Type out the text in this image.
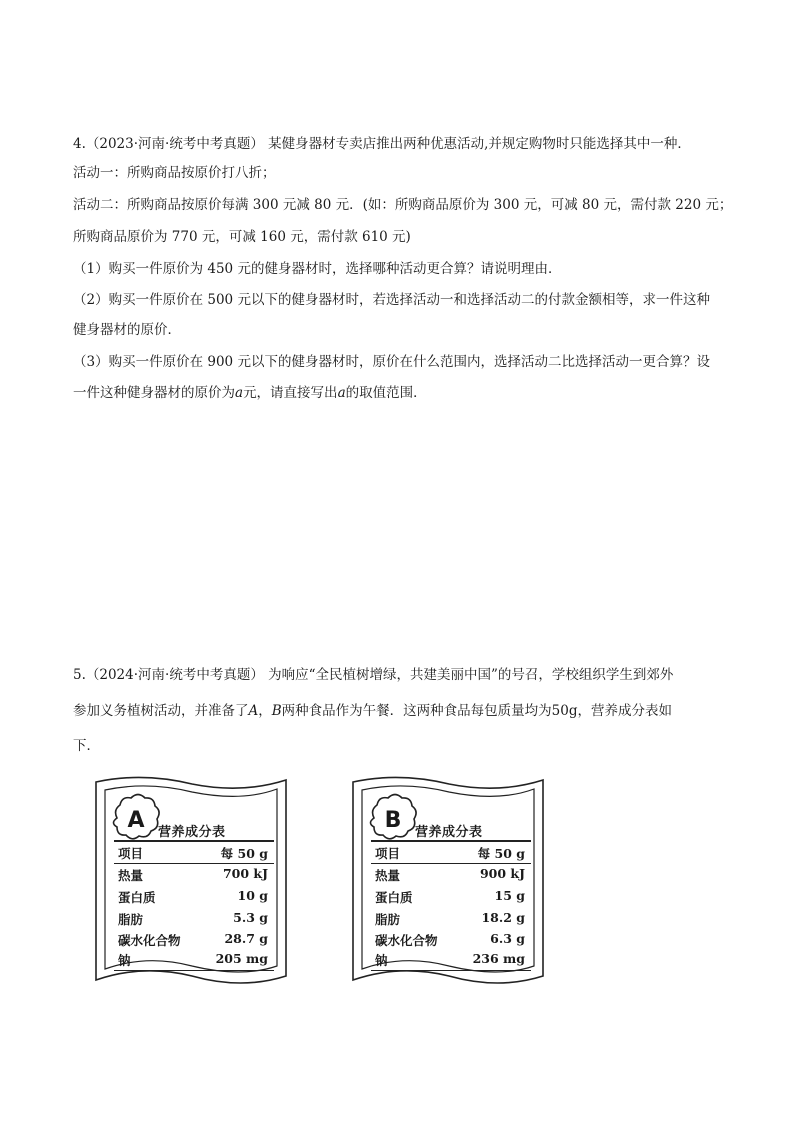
4.（2023·河南·统考中考真题） 某健身器材专卖店推出两种优惠活动,并规定购物时只能选择其中一种．
活动一：所购商品按原价打八折；
活动二：所购商品按原价每满 300 元减 80 元．(如：所购商品原价为 300 元，可减 80 元，需付款 220 元；
所购商品原价为 770 元，可减 160 元，需付款 610 元)
（1）购买一件原价为 450 元的健身器材时，选择哪种活动更合算？请说明理由．
（2）购买一件原价在 500 元以下的健身器材时，若选择活动一和选择活动二的付款金额相等，求一件这种
健身器材的原价．
（3）购买一件原价在 900 元以下的健身器材时，原价在什么范围内，选择活动二比选择活动一更合算？设
一件这种健身器材的原价为a元，请直接写出a的取值范围．
5.（2024·河南·统考中考真题） 为响应“全民植树增绿，共建美丽中国”的号召，学校组织学生到郊外
参加义务植树活动，并准备了A，B两种食品作为午餐．这两种食品每包质量均为50g，营养成分表如
下．
A	营养成分表
项目	每 50 g
热量	700 kJ
蛋白质	10 g
脂肪	5.3 g
碳水化合物	28.7 g
钠	205 mg
B	营养成分表
项目	每 50 g
热量	900 kJ
蛋白质	15 g
脂肪	18.2 g
碳水化合物	6.3 g
钠	236 mg
